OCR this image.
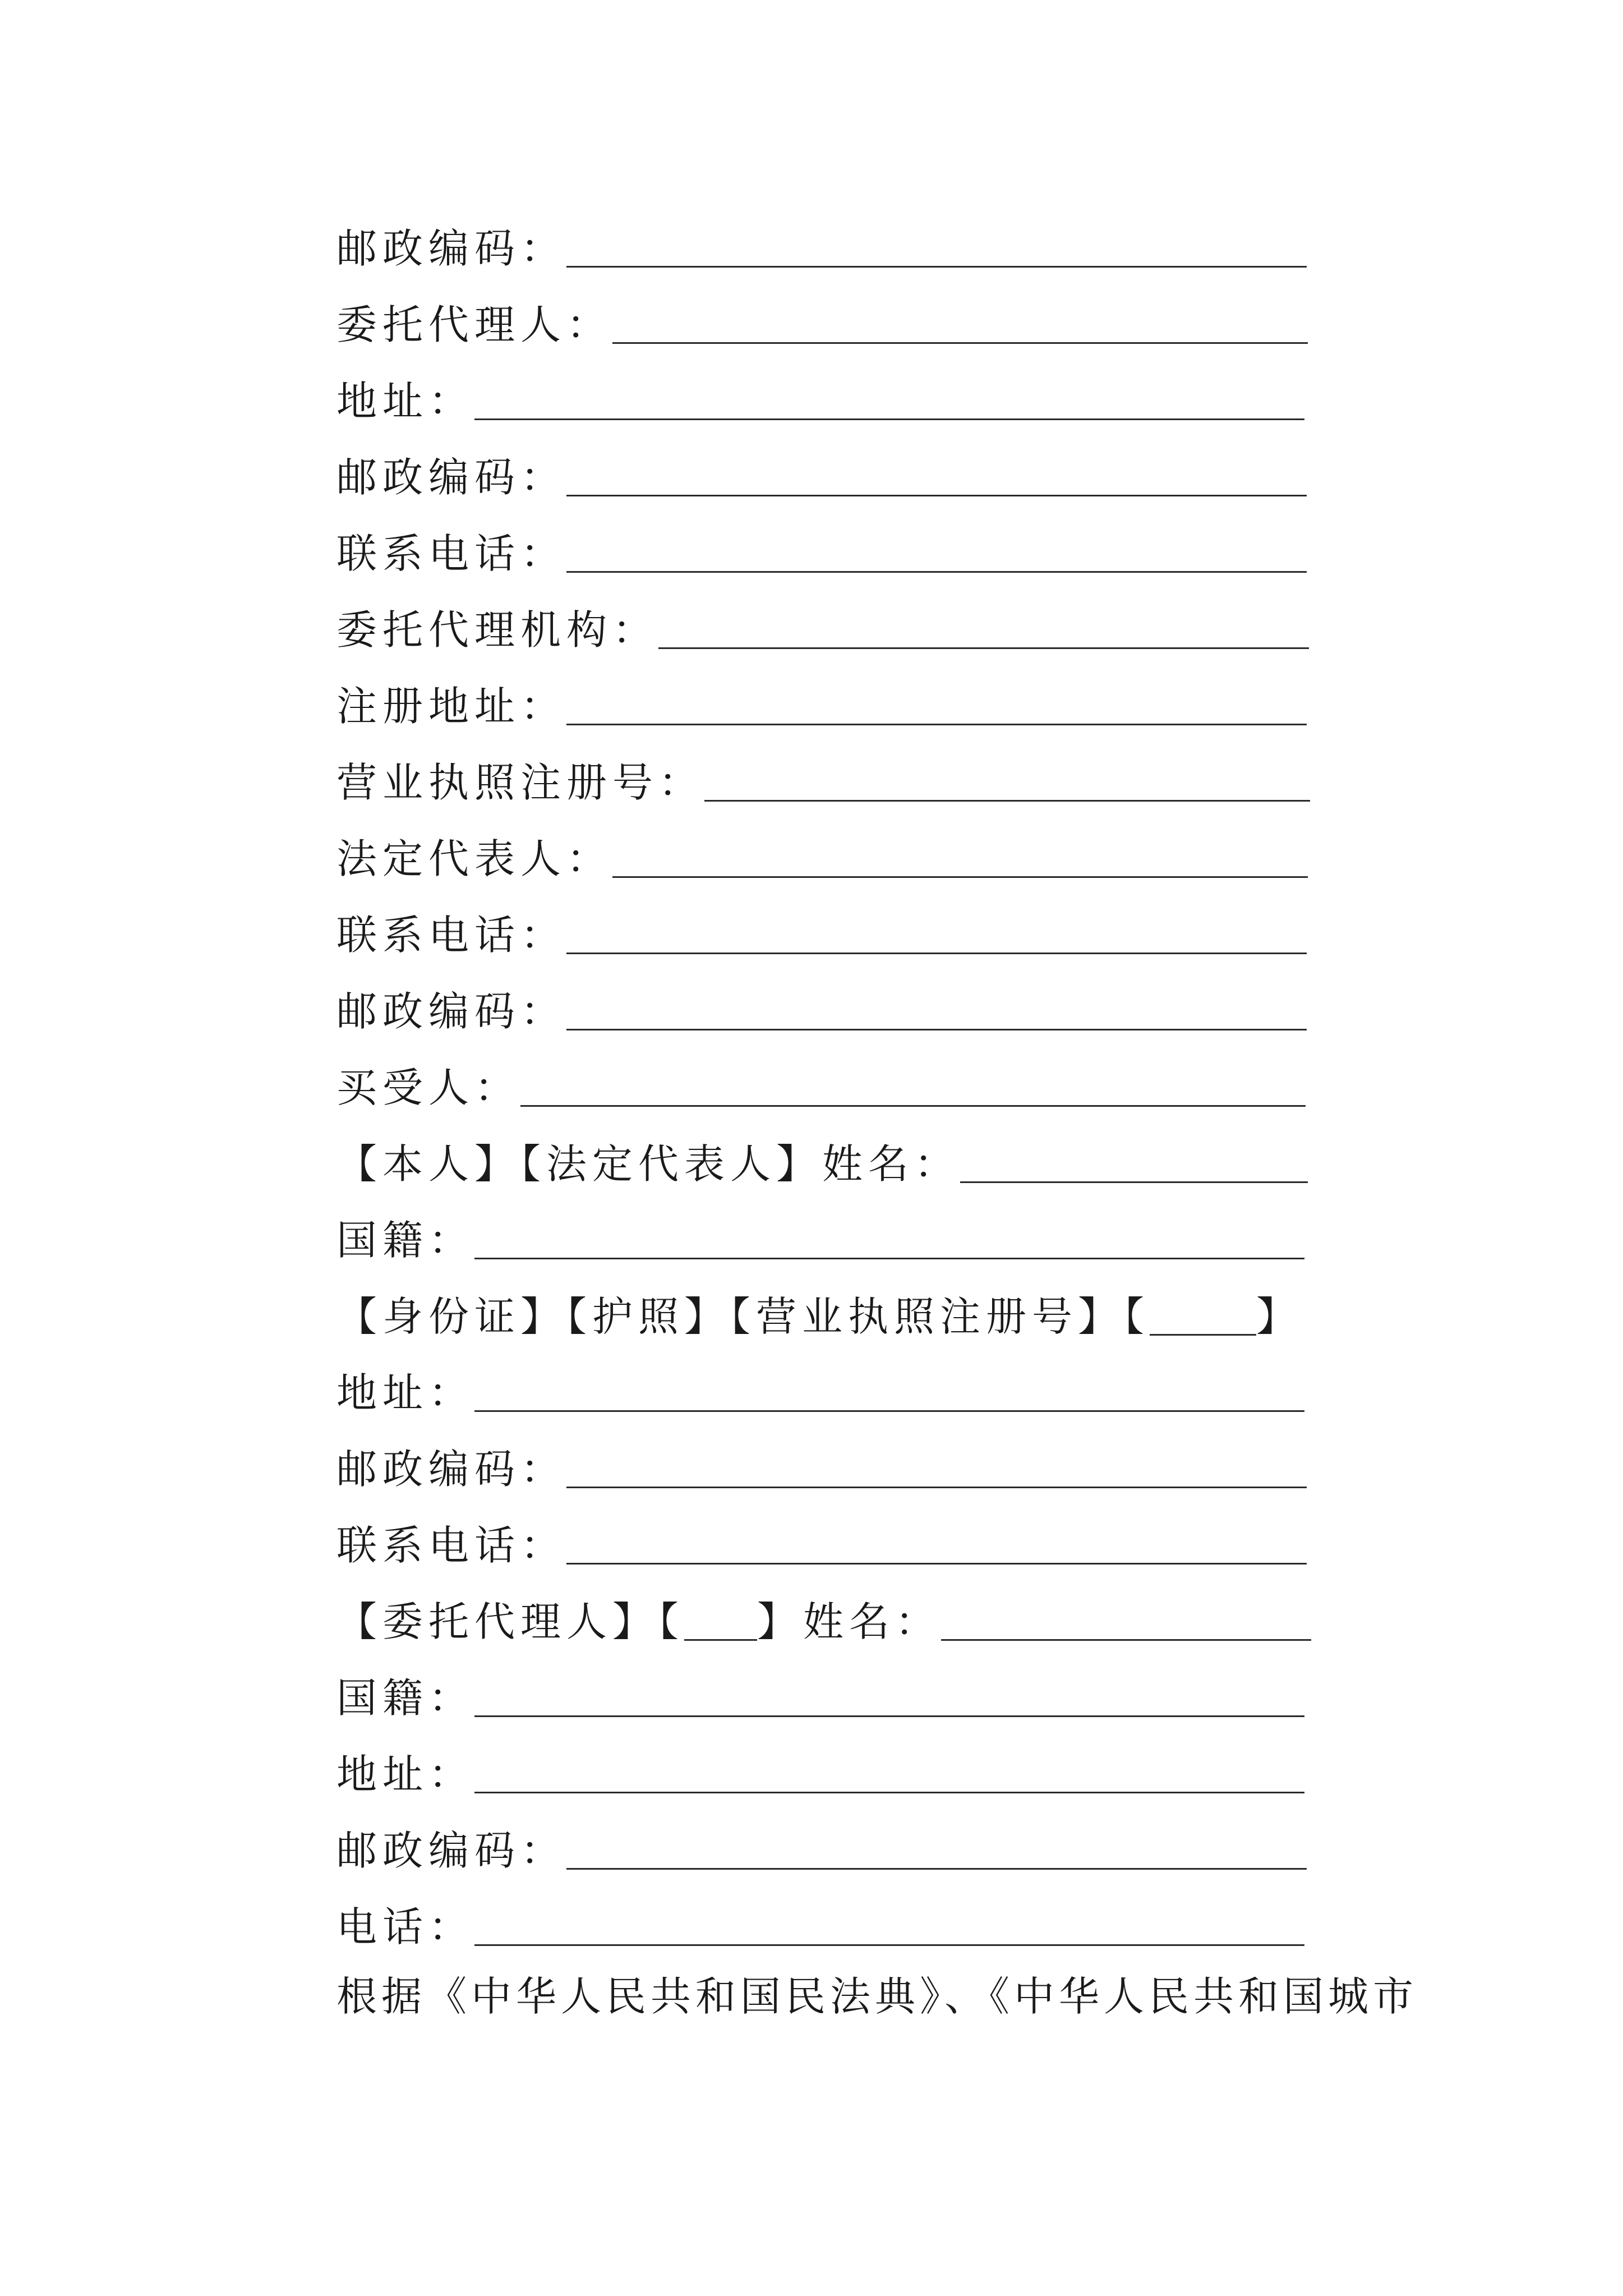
邮政编码：
委托代理人：
地址：
邮政编码：
联系电话：
委托代理机构：
注册地址：
营业执照注册号：
法定代表人：
联系电话：
邮政编码：
买受人：
【本人】【法定代表人】姓名：
国籍：
【身份证】【护照】【营业执照注册号】【	】
地址：
邮政编码：
联系电话：
【委托代理人】【 】姓名：
国籍：
地址：
邮政编码：
电话：
根据《中华人民共和国民法典》、《中华人民共和国城市
